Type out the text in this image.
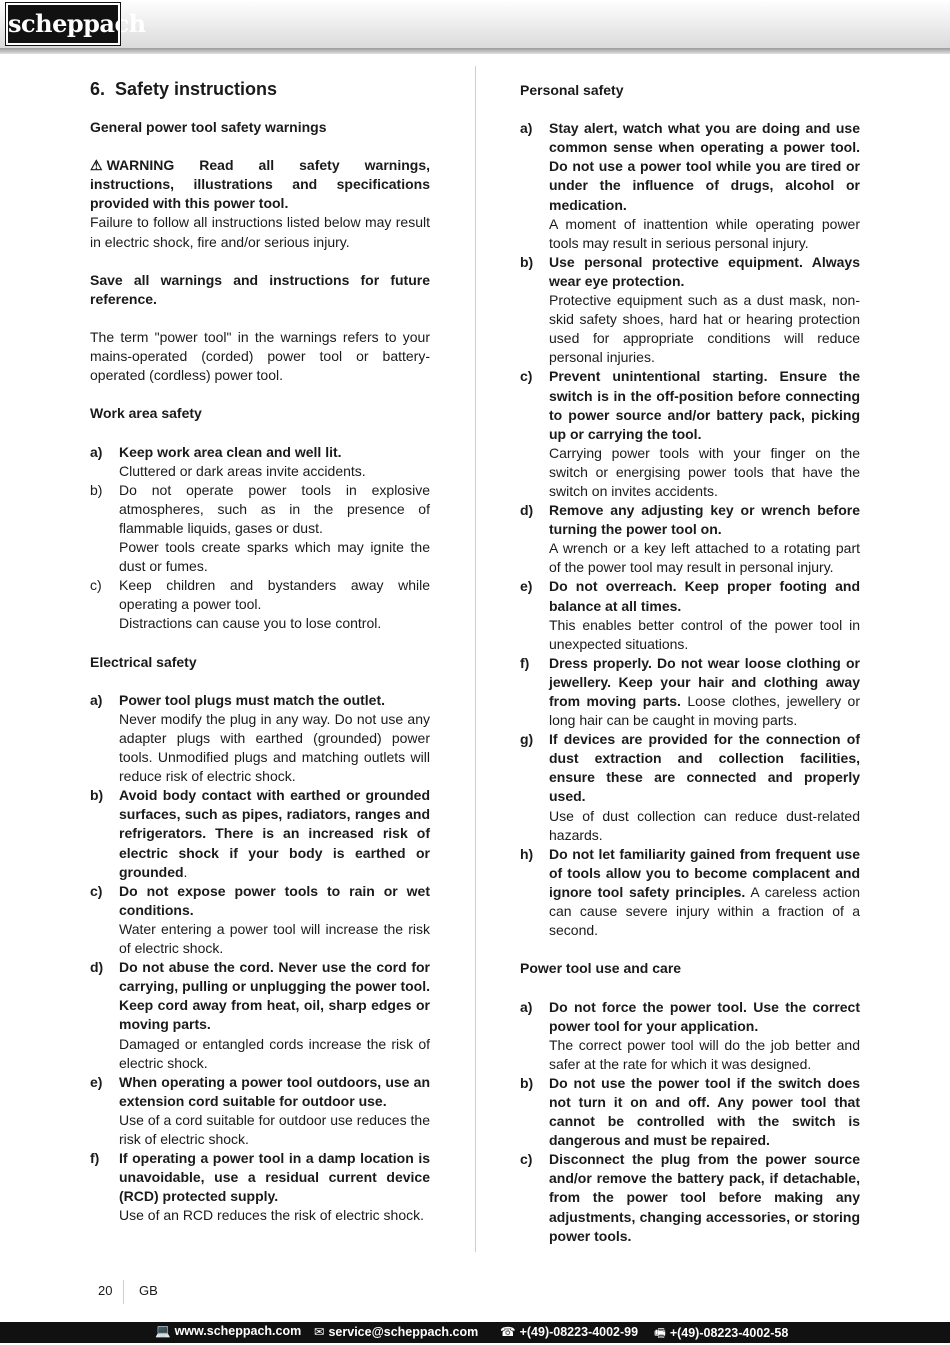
scheppach
6. Safety instructions

General power tool safety warnings

⚠ WARNING Read all safety warnings, instructions, illustrations and specifications provided with this power tool.

Failure to follow all instructions listed below may result in electric shock, fire and/or serious injury.

Save all warnings and instructions for future reference.

The term "power tool" in the warnings refers to your mains-operated (corded) power tool or battery-operated (cordless) power tool.

Work area safety

a)	Keep work area clean and well lit.

Cluttered or dark areas invite accidents.

b)	Do not operate power tools in explosive atmospheres, such as in the presence of flammable liquids, gases or dust.

Power tools create sparks which may ignite the dust or fumes.

c)	Keep children and bystanders away while operating a power tool.

Distractions can cause you to lose control.

Electrical safety

a)	Power tool plugs must match the outlet.

Never modify the plug in any way. Do not use any adapter plugs with earthed (grounded) power tools. Unmodified plugs and matching outlets will reduce risk of electric shock.

b)	Avoid body contact with earthed or grounded surfaces, such as pipes, radiators, ranges and refrigerators. There is an increased risk of electric shock if your body is earthed or grounded.

c)	Do not expose power tools to rain or wet conditions.

Water entering a power tool will increase the risk of electric shock.

d)	Do not abuse the cord. Never use the cord for carrying, pulling or unplugging the power tool. Keep cord away from heat, oil, sharp edges or moving parts.

Damaged or entangled cords increase the risk of electric shock.

e)	When operating a power tool outdoors, use an extension cord suitable for outdoor use.

Use of a cord suitable for outdoor use reduces the risk of electric shock.

f)	If operating a power tool in a damp location is unavoidable, use a residual current device (RCD) protected supply.

Use of an RCD reduces the risk of electric shock.

Personal safety

a)	Stay alert, watch what you are doing and use common sense when operating a power tool. Do not use a power tool while you are tired or under the influence of drugs, alcohol or medication.

A moment of inattention while operating power tools may result in serious personal injury.

b)	Use personal protective equipment. Always wear eye protection.

Protective equipment such as a dust mask, non-skid safety shoes, hard hat or hearing protection used for appropriate conditions will reduce personal injuries.

c)	Prevent unintentional starting. Ensure the switch is in the off-position before connecting to power source and/or battery pack, picking up or carrying the tool.

Carrying power tools with your finger on the switch or energising power tools that have the switch on invites accidents.

d)	Remove any adjusting key or wrench before turning the power tool on.

A wrench or a key left attached to a rotating part of the power tool may result in personal injury.

e)	Do not overreach. Keep proper footing and balance at all times.

This enables better control of the power tool in unexpected situations.

f)	Dress properly. Do not wear loose clothing or jewellery. Keep your hair and clothing away from moving parts. Loose clothes, jewellery or long hair can be caught in moving parts.

g)	If devices are provided for the connection of dust extraction and collection facilities, ensure these are connected and properly used.

Use of dust collection can reduce dust-related hazards.

h)	Do not let familiarity gained from frequent use of tools allow you to become complacent and ignore tool safety principles. A careless action can cause severe injury within a fraction of a second.

Power tool use and care

a)	Do not force the power tool. Use the correct power tool for your application.

The correct power tool will do the job better and safer at the rate for which it was designed.

b)	Do not use the power tool if the switch does not turn it on and off. Any power tool that cannot be controlled with the switch is dangerous and must be repaired.

c)	Disconnect the plug from the power source and/or remove the battery pack, if detachable, from the power tool before making any adjustments, changing accessories, or storing power tools.

20 GB
💻 www.scheppach.com ✉ service@scheppach.com ☎ +(49)-08223-4002-99 🖷 +(49)-08223-4002-58
